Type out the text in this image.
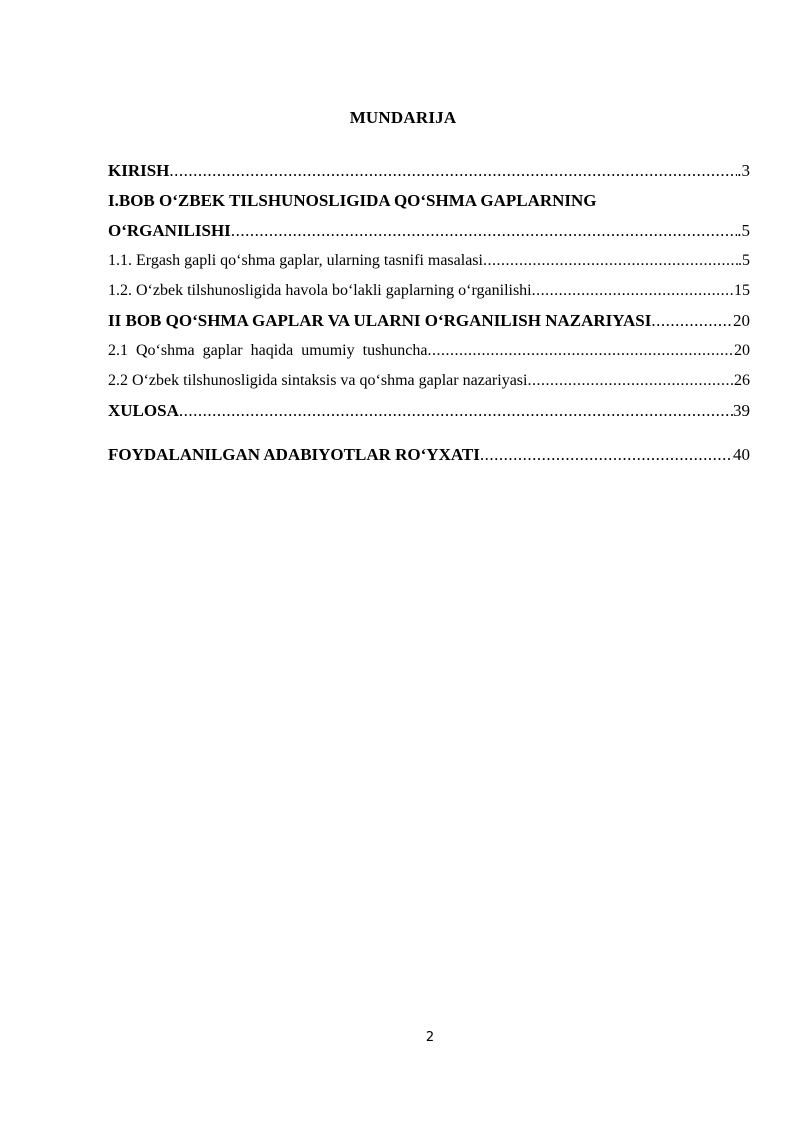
MUNDARIJA
KIRISH .....	.3
I.BOB O‘ZBEK TILSHUNOSLIGIDA QO‘SHMA GAPLARNING
O‘RGANILISHI .....	.5
1.1. Ergash gapli qo‘shma gaplar, ularning tasnifi masalasi .....	.5
1.2. O‘zbek tilshunosligida havola bo‘lakli gaplarning o‘rganilishi .....	15
II BOB QO‘SHMA GAPLAR VA ULARNI O‘RGANILISH NAZARIYASI .....	20
2.1 Qo‘shma gaplar haqida umumiy tushuncha .....	20
2.2 O‘zbek tilshunosligida sintaksis va qo‘shma gaplar nazariyasi .....	26
XULOSA .....	39
FOYDALANILGAN ADABIYOTLAR RO‘YXATI .....	40
2
